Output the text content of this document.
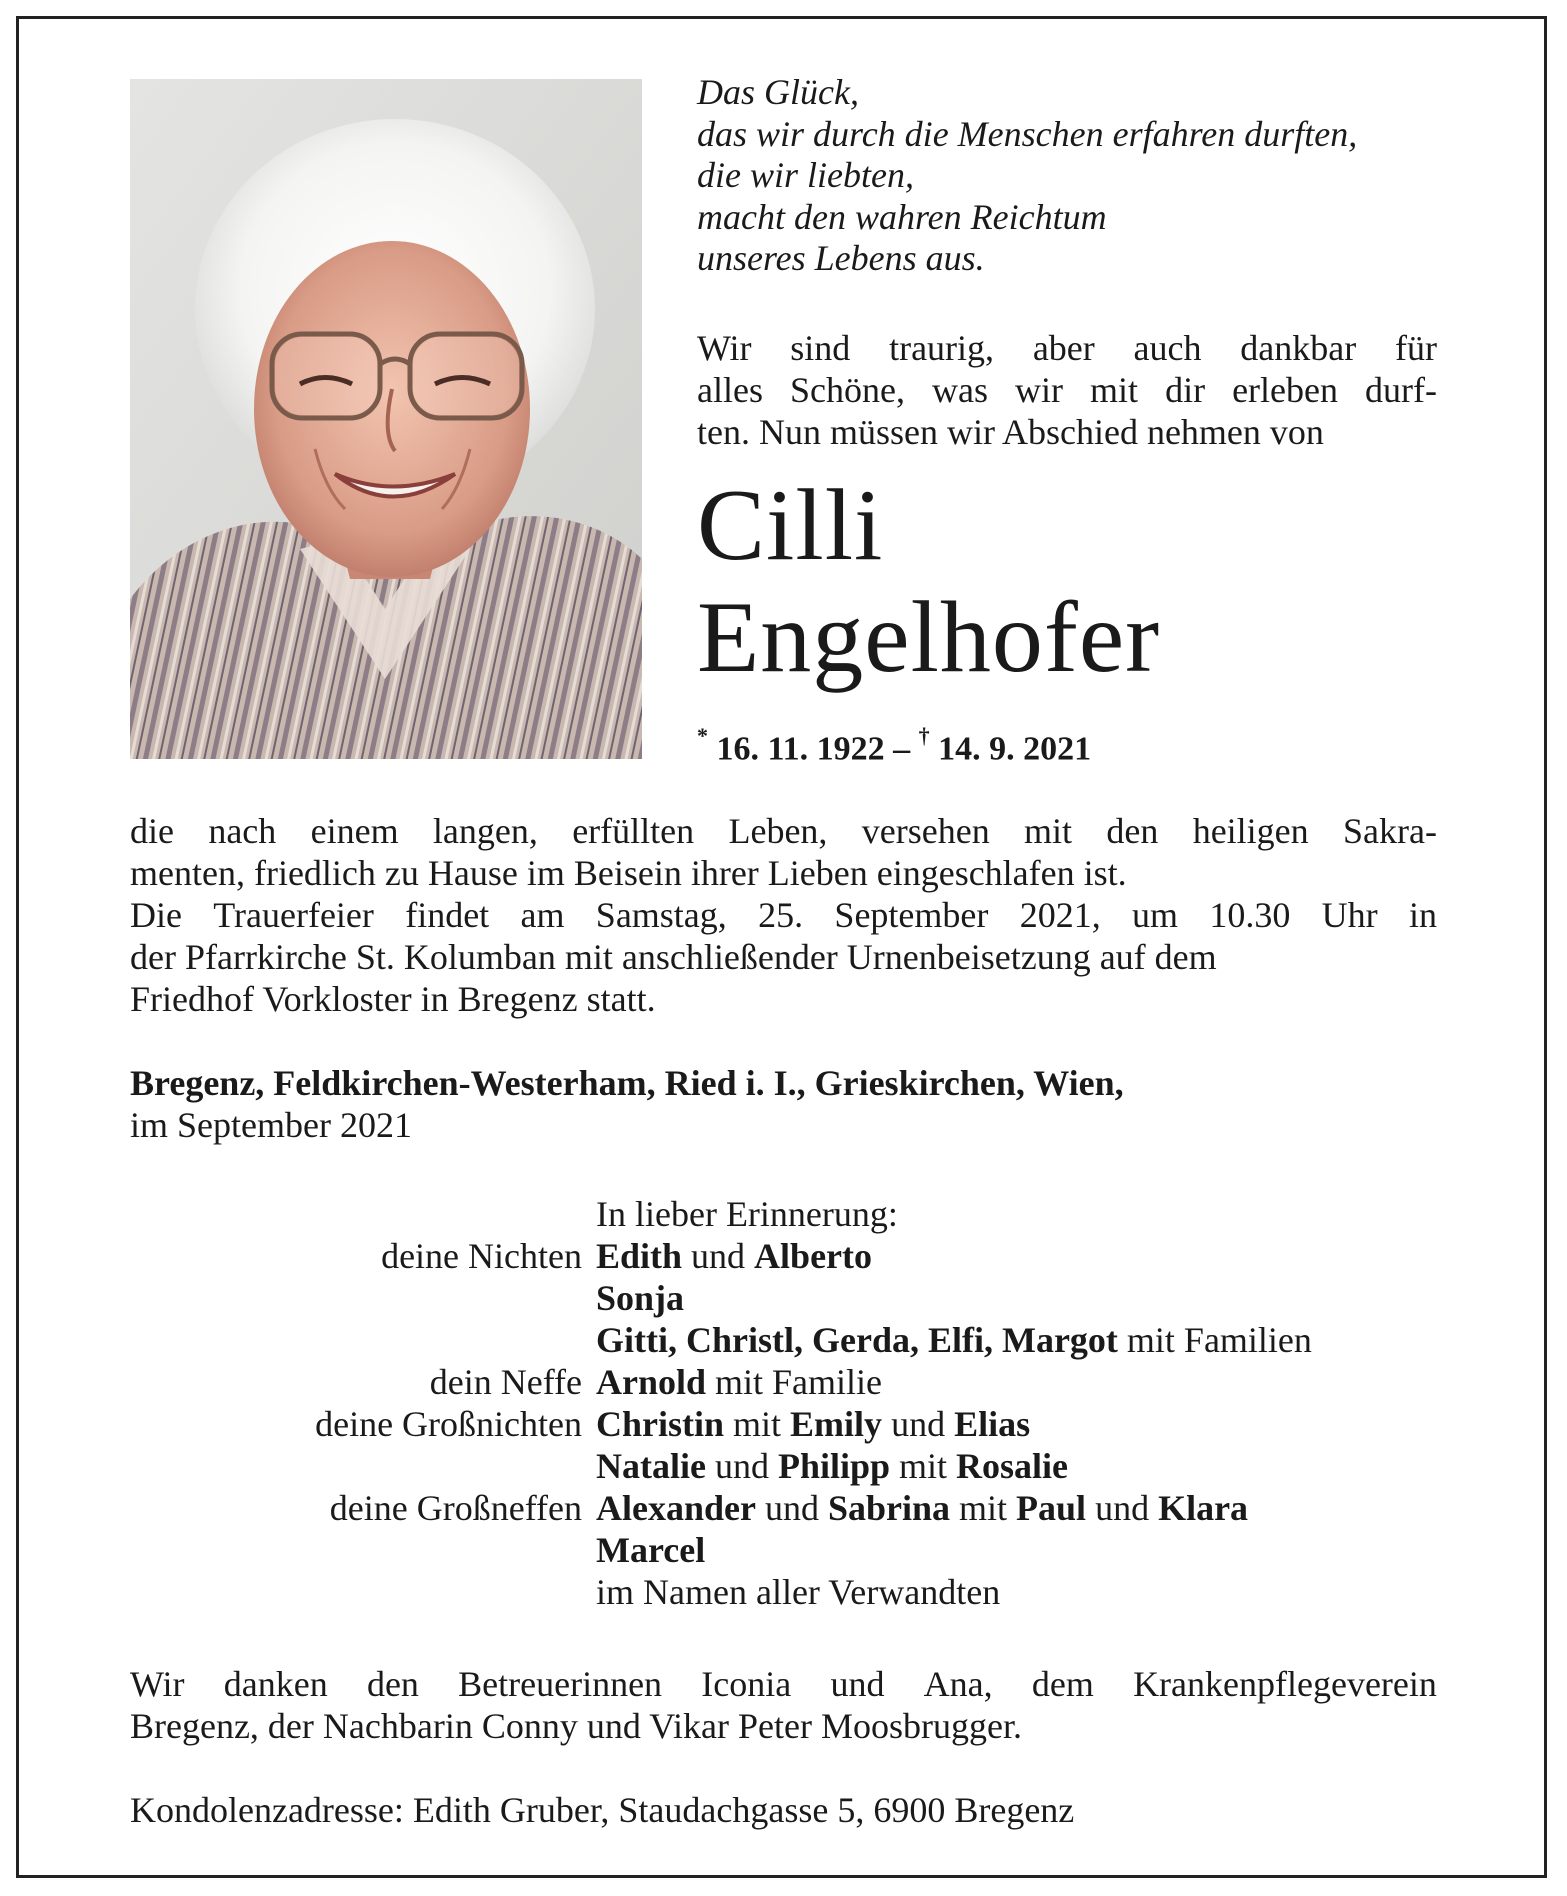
Das Glück,
das wir durch die Menschen erfahren durften,
die wir liebten,
macht den wahren Reichtum
unseres Lebens aus.
Wir sind traurig, aber auch dankbar für
alles Schöne, was wir mit dir erleben durf-
ten. Nun müssen wir Abschied nehmen von
Cilli
Engelhofer
* 16. 11. 1922 – † 14. 9. 2021
die nach einem langen, erfüllten Leben, versehen mit den heiligen Sakra-
menten, friedlich zu Hause im Beisein ihrer Lieben eingeschlafen ist.
Die Trauerfeier findet am Samstag, 25. September 2021, um 10.30 Uhr in
der Pfarrkirche St. Kolumban mit anschließender Urnenbeisetzung auf dem
Friedhof Vorkloster in Bregenz statt.
Bregenz, Feldkirchen-Westerham, Ried i. I., Grieskirchen, Wien,
im September 2021
In lieber Erinnerung:
deine Nichten Edith und Alberto
Sonja
Gitti, Christl, Gerda, Elfi, Margot mit Familien
dein Neffe Arnold mit Familie
deine Großnichten Christin mit Emily und Elias
Natalie und Philipp mit Rosalie
deine Großneffen Alexander und Sabrina mit Paul und Klara
Marcel
im Namen aller Verwandten
Wir danken den Betreuerinnen Iconia und Ana, dem Krankenpflegeverein
Bregenz, der Nachbarin Conny und Vikar Peter Moosbrugger.
Kondolenzadresse: Edith Gruber, Staudachgasse 5, 6900 Bregenz
